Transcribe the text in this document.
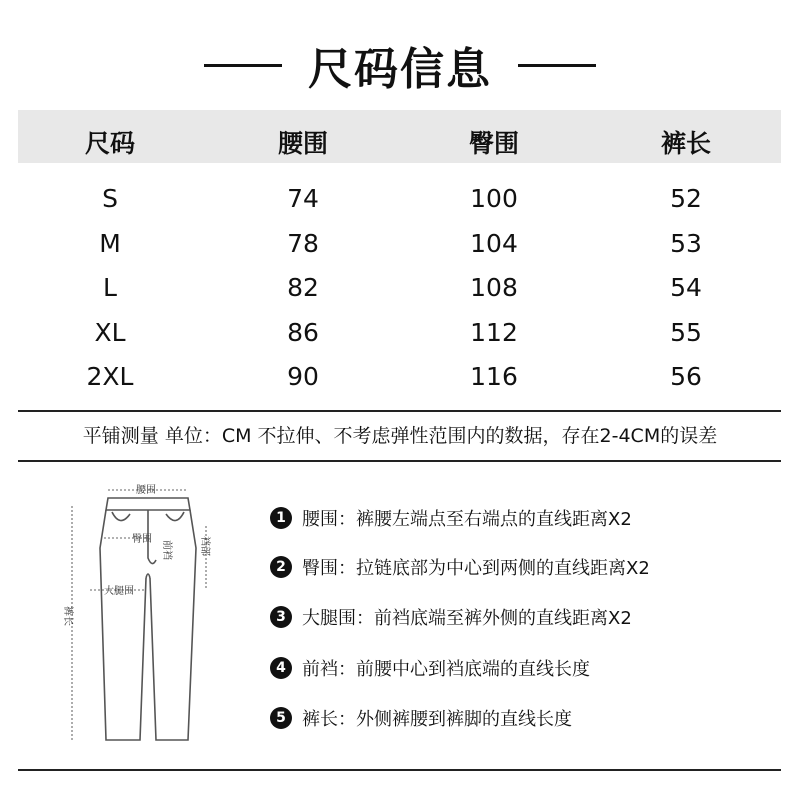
尺码信息
尺码	腰围	臀围	裤长
S	74	100	52
M	78	104	53
L	82	108	54
XL	86	112	55
2XL	90	116	56
平铺测量 单位：CM 不拉伸、不考虑弹性范围内的数据，存在2-4CM的误差
腰围
臀围
前裆	裆部
大腿围
裤长
1 腰围：裤腰左端点至右端点的直线距离X2
2 臀围：拉链底部为中心到两侧的直线距离X2
3 大腿围：前裆底端至裤外侧的直线距离X2
4 前裆：前腰中心到裆底端的直线长度
5 裤长：外侧裤腰到裤脚的直线长度
